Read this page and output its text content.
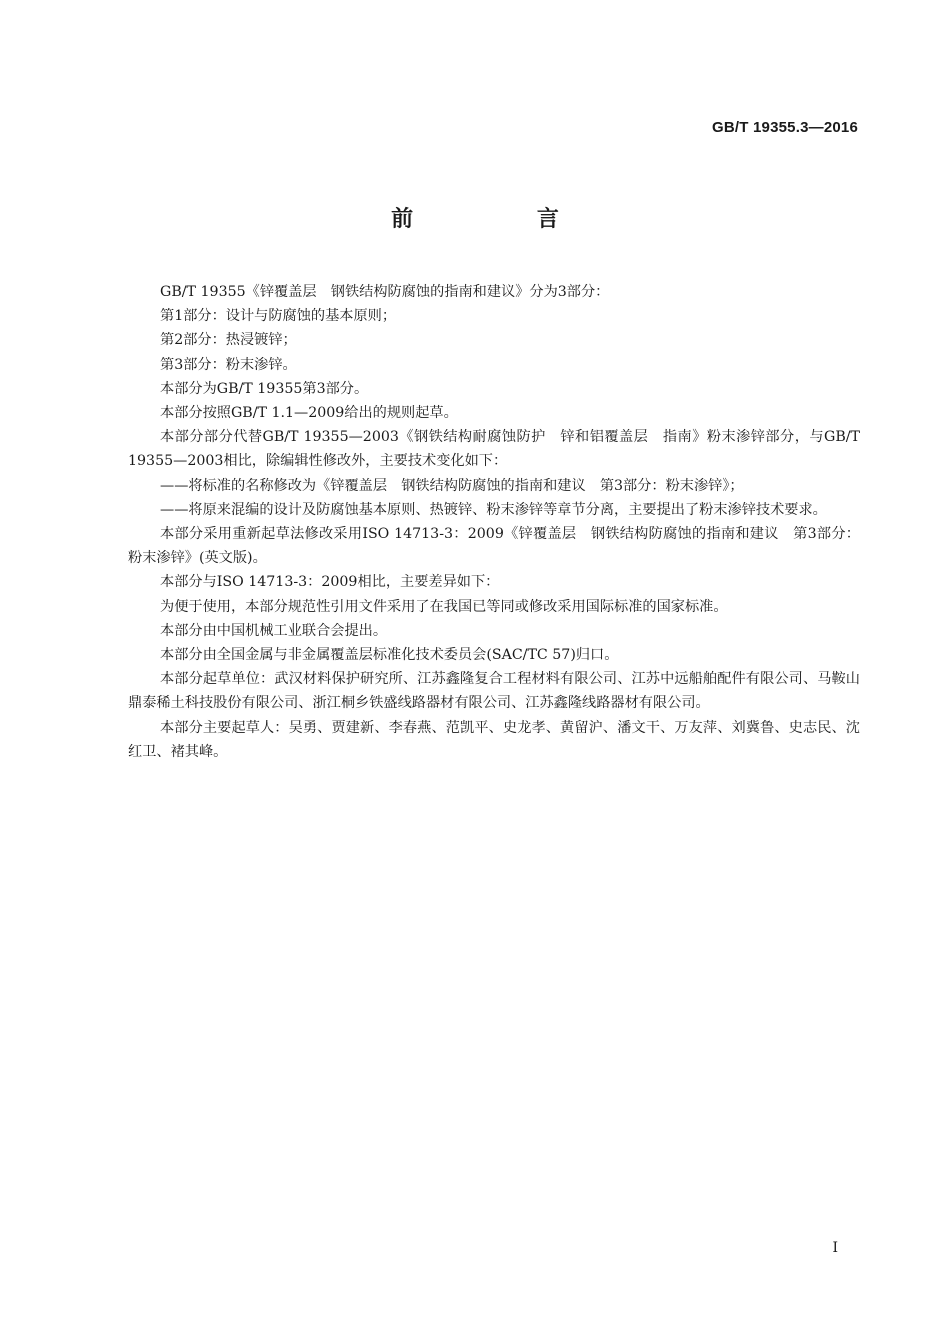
GB/T 19355.3—2016
前 言

GB/T 19355《锌覆盖层　钢铁结构防腐蚀的指南和建议》分为3部分：

第1部分：设计与防腐蚀的基本原则；

第2部分：热浸镀锌；

第3部分：粉末渗锌。

本部分为GB/T 19355第3部分。

本部分按照GB/T 1.1—2009给出的规则起草。

本部分部分代替GB/T 19355—2003《钢铁结构耐腐蚀防护　锌和铝覆盖层　指南》粉末渗锌部分，与GB/T 19355—2003相比，除编辑性修改外，主要技术变化如下：

——将标准的名称修改为《锌覆盖层　钢铁结构防腐蚀的指南和建议　第3部分：粉末渗锌》；

——将原来混编的设计及防腐蚀基本原则、热镀锌、粉末渗锌等章节分离，主要提出了粉末渗锌技术要求。

本部分采用重新起草法修改采用ISO 14713-3：2009《锌覆盖层　钢铁结构防腐蚀的指南和建议　第3部分：粉末渗锌》(英文版)。

本部分与ISO 14713-3：2009相比，主要差异如下：

为便于使用，本部分规范性引用文件采用了在我国已等同或修改采用国际标准的国家标准。

本部分由中国机械工业联合会提出。

本部分由全国金属与非金属覆盖层标准化技术委员会(SAC/TC 57)归口。

本部分起草单位：武汉材料保护研究所、江苏鑫隆复合工程材料有限公司、江苏中远船舶配件有限公司、马鞍山鼎泰稀土科技股份有限公司、浙江桐乡铁盛线路器材有限公司、江苏鑫隆线路器材有限公司。

本部分主要起草人：吴勇、贾建新、李春燕、范凯平、史龙孝、黄留沪、潘文干、万友萍、刘冀鲁、史志民、沈红卫、褚其峰。

I
